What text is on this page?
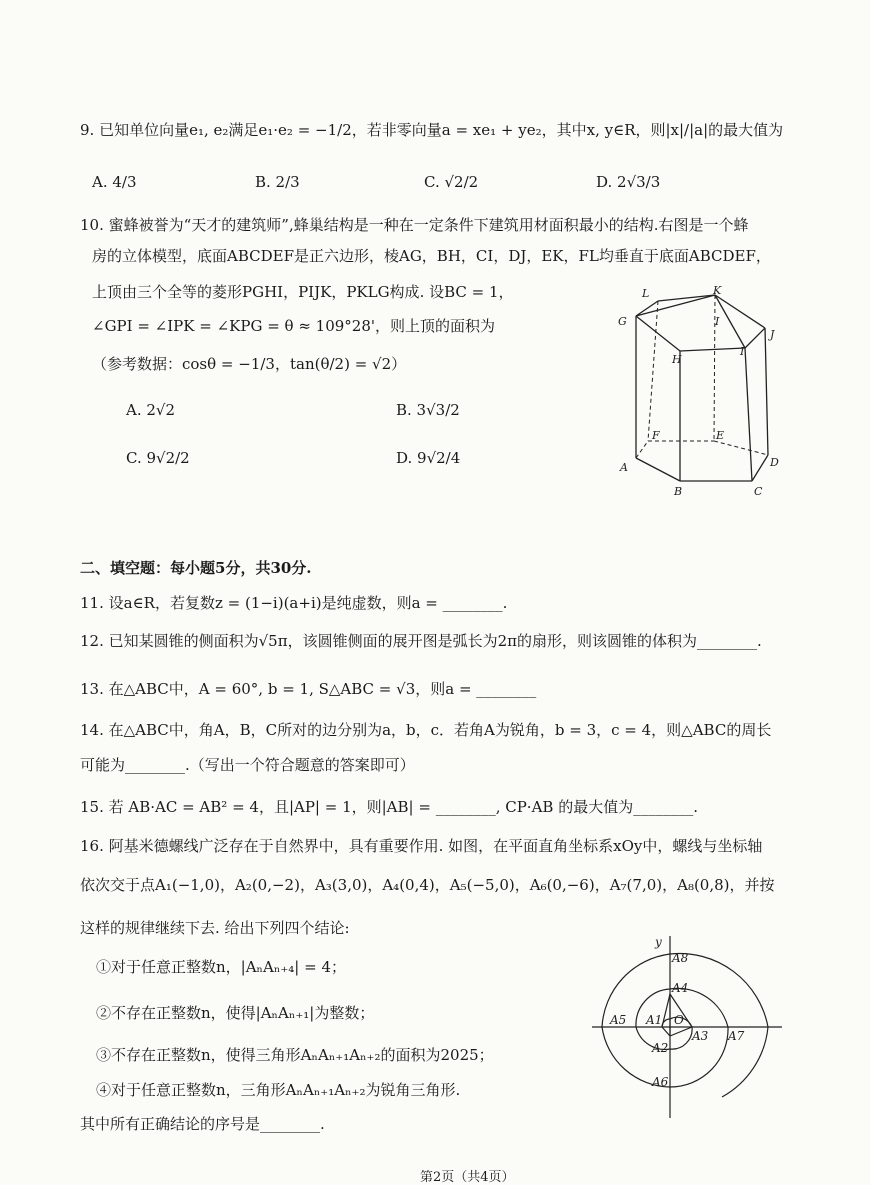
9. 已知单位向量e₁, e₂满足e₁·e₂ = −1/2，若非零向量a = xe₁ + ye₂，其中x, y∈R，则|x|/|a|的最大值为
A. 4/3	B. 2/3	C. √2/2	D. 2√3/3
10. 蜜蜂被誉为“天才的建筑师”,蜂巢结构是一种在一定条件下建筑用材面积最小的结构.右图是一个蜂
房的立体模型，底面ABCDEF是正六边形，棱AG，BH，CI，DJ，EK，FL均垂直于底面ABCDEF，
上顶由三个全等的菱形PGHI，PIJK，PKLG构成. 设BC = 1，
∠GPI = ∠IPK = ∠KPG = θ ≈ 109°28'，则上顶的面积为
（参考数据：cosθ = −1/3，tan(θ/2) = √2）
A. 2√2	B. 3√3/2
C. 9√2/2	D. 9√2/4
L	K
G
J
H
I
I
F	E
A	D
B	C
二、填空题：每小题5分，共30分.
11. 设a∈R，若复数z = (1−i)(a+i)是纯虚数，则a = ________.
12. 已知某圆锥的侧面积为√5π，该圆锥侧面的展开图是弧长为2π的扇形，则该圆锥的体积为________.
13. 在△ABC中，A = 60°, b = 1, S△ABC = √3，则a = ________
14. 在△ABC中，角A，B，C所对的边分别为a，b，c．若角A为锐角，b = 3，c = 4，则△ABC的周长
可能为________.（写出一个符合题意的答案即可）
15. 若 AB·AC = AB² = 4，且|AP| = 1，则|AB| = ________, CP·AB 的最大值为________.
16. 阿基米德螺线广泛存在于自然界中，具有重要作用. 如图，在平面直角坐标系xOy中，螺线与坐标轴
依次交于点A₁(−1,0)，A₂(0,−2)，A₃(3,0)，A₄(0,4)，A₅(−5,0)，A₆(0,−6)，A₇(7,0)，A₈(0,8)，并按
这样的规律继续下去. 给出下列四个结论:
①对于任意正整数n，|AₙAₙ₊₄| = 4；
②不存在正整数n，使得|AₙAₙ₊₁|为整数；
③不存在正整数n，使得三角形AₙAₙ₊₁Aₙ₊₂的面积为2025；
④对于任意正整数n，三角形AₙAₙ₊₁Aₙ₊₂为锐角三角形.
其中所有正确结论的序号是________.
y
A8
A4
A5 A1 O
A3 A7
A2
A6
第2页（共4页）
